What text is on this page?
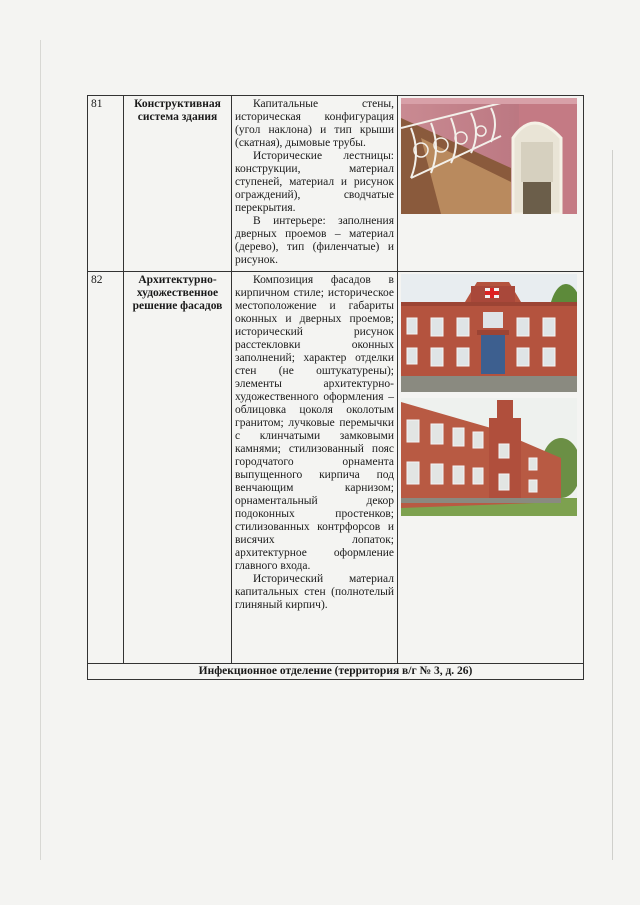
81	Конструктивная система здания	Капитальные стены, историческая конфигурация (угол наклона) и тип крыши (скатная), дымовые трубы.

Исторические лестницы: конструкции, материал ступеней, материал и рисунок ограждений), сводчатые перекрытия.

В интерьере: заполнения дверных проемов – материал (дерево), тип (филенчатые) и рисунок.

82	Архитектурно-художественное решение фасадов	Композиция фасадов в кирпичном стиле; историческое местоположение и габариты оконных и дверных проемов; исторический рисунок расстекловки оконных заполнений; характер отделки стен (не оштукатурены); элементы архитектурно-художественного оформления – облицовка цоколя околотым гранитом; лучковые перемычки с клинчатыми замковыми камнями; стилизованный пояс городчатого орнамента выпущенного кирпича под венчающим карнизом; орнаментальный декор подоконных простенков; стилизованных контрфорсов и висячих лопаток; архитектурное оформление главного входа.

Исторический материал капитальных стен (полнотелый глиняный кирпич).

Инфекционное отделение (территория в/г № 3, д. 26)			
